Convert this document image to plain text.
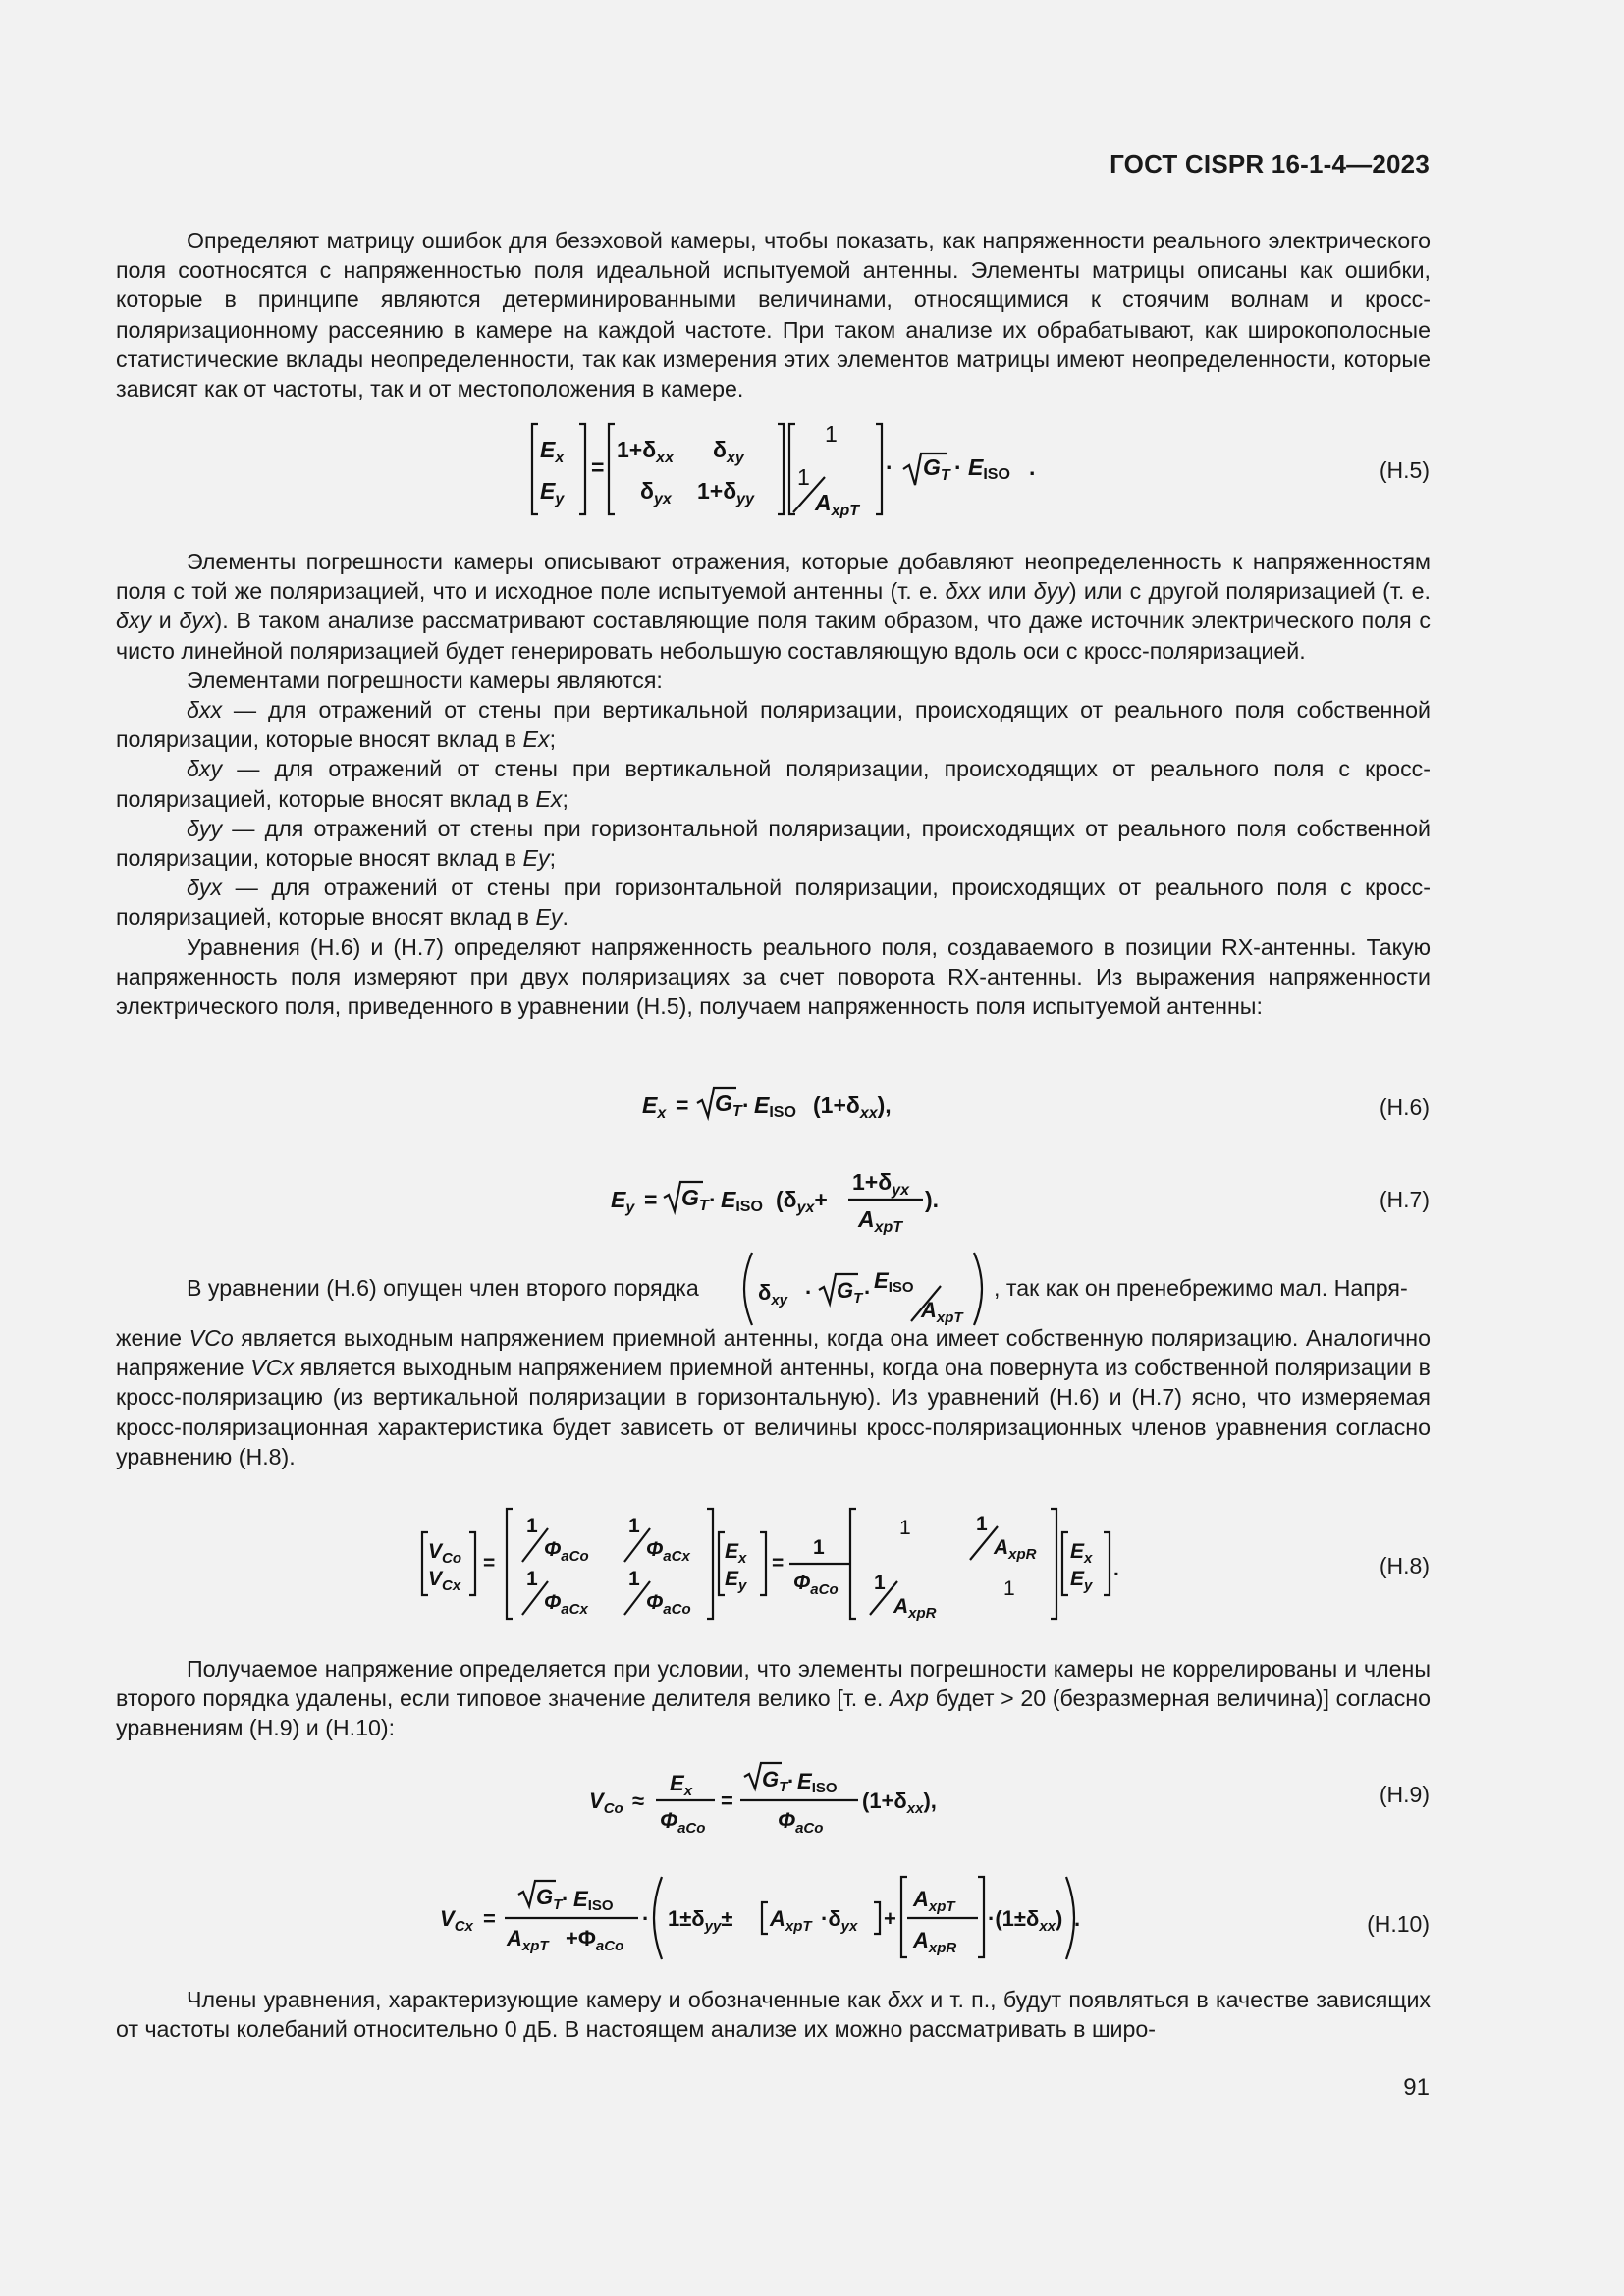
ГОСТ CISPR 16-1-4—2023

Определяют матрицу ошибок для безэховой камеры, чтобы показать, как напряженности реального электрического поля соотносятся с напряженностью поля идеальной испытуемой антенны. Элементы матрицы описаны как ошибки, которые в принципе являются детерминированными величинами, относящимися к стоячим волнам и кросс-поляризационному рассеянию в камере на каждой частоте. При таком анализе их обрабатывают, как широкополосные статистические вклады неопределенности, так как измерения этих элементов матрицы имеют неопределенности, которые зависят как от частоты, так и от местоположения в камере.

$E_x$
$E_y$
=
$1+\delta_{xx}$ $\delta_{xy}$
$\delta_{yx}$ $1+\delta_{yy}$
1
1
$A_{xpT}$
· $G_T$ · EISO .	(Н.5)

Элементы погрешности камеры описывают отражения, которые добавляют неопределенность к напряженностям поля с той же поляризацией, что и исходное поле испытуемой антенны (т. е. δxx или δyy) или с другой поляризацией (т. е. δxy и δyx). В таком анализе рассматривают составляющие поля таким образом, что даже источник электрического поля с чисто линейной поляризацией будет генерировать небольшую составляющую вдоль оси с кросс-поляризацией.

Элементами погрешности камеры являются:

δxx — для отражений от стены при вертикальной поляризации, происходящих от реального поля собственной поляризации, которые вносят вклад в Ex;

δxy — для отражений от стены при вертикальной поляризации, происходящих от реального поля с кросс-поляризацией, которые вносят вклад в Ex;

δyy — для отражений от стены при горизонтальной поляризации, происходящих от реального поля собственной поляризации, которые вносят вклад в Ey;

δyx — для отражений от стены при горизонтальной поляризации, происходящих от реального поля с кросс-поляризацией, которые вносят вклад в Ey.

Уравнения (Н.6) и (Н.7) определяют напряженность реального поля, создаваемого в позиции RX-антенны. Такую напряженность поля измеряют при двух поляризациях за счет поворота RX-антенны. Из выражения напряженности электрического поля, приведенного в уравнении (Н.5), получаем напряженность поля испытуемой антенны:

$E_x = G_T$ · EISO $(1+\delta_{xx})$,	(Н.6)
$E_y = G_T$ · EISO ($\delta_{yx}+$
$1+\delta_{yx}$
$A_{xpT}$
).	(Н.7)
В уравнении (Н.6) опущен член второго порядка	$\delta_{xy} \cdot G_T$ · EISO
$A_{xpT}$
, так как он пренебрежимо мал. Напря-

жение VCo является выходным напряжением приемной антенны, когда она имеет собственную поляризацию. Аналогично напряжение VCx является выходным напряжением приемной антенны, когда она повернута из собственной поляризации в кросс-поляризацию (из вертикальной поляризации в горизонтальную). Из уравнений (Н.6) и (Н.7) ясно, что измеряемая кросс-поляризационная характеристика будет зависеть от величины кросс-поляризационных членов уравнения согласно уравнению (Н.8).

$V_{Co}$
$V_{Cx}$
=
1
$\Phi_{aCo}$
1
$\Phi_{aCx}$
1
$\Phi_{aCx}$
1
$\Phi_{aCo}$
$E_x$
$E_y$
=
1
$\Phi_{aCo}$
1	1
$A_{xpR}$
1
$A_{xpR}$
1
$E_x$
$E_y$
.	(Н.8)

Получаемое напряжение определяется при условии, что элементы погрешности камеры не коррелированы и члены второго порядка удалены, если типовое значение делителя велико [т. е. Axp будет > 20 (безразмерная величина)] согласно уравнениям (Н.9) и (Н.10):

$V_{Co}$ ≈
$E_x$
$\Phi_{aCo}$
=
$G_T$ · EISO
$\Phi_{aCo}$
$(1+\delta_{xx})$,	(Н.9)
$V_{Cx}$ =
$G_T$ · EISO
$A_{xpT} +\Phi_{aCo}$
· $1\pm\delta_{yy}\pm A_{xpT} \cdot\delta_{yx}$ +
$A_{xpT}$
$A_{xpR}$
$\cdot(1\pm\delta_{xx})$ .	(Н.10)

Члены уравнения, характеризующие камеру и обозначенные как δxx и т. п., будут появляться в качестве зависящих от частоты колебаний относительно 0 дБ. В настоящем анализе их можно рассматривать в широ-

91
